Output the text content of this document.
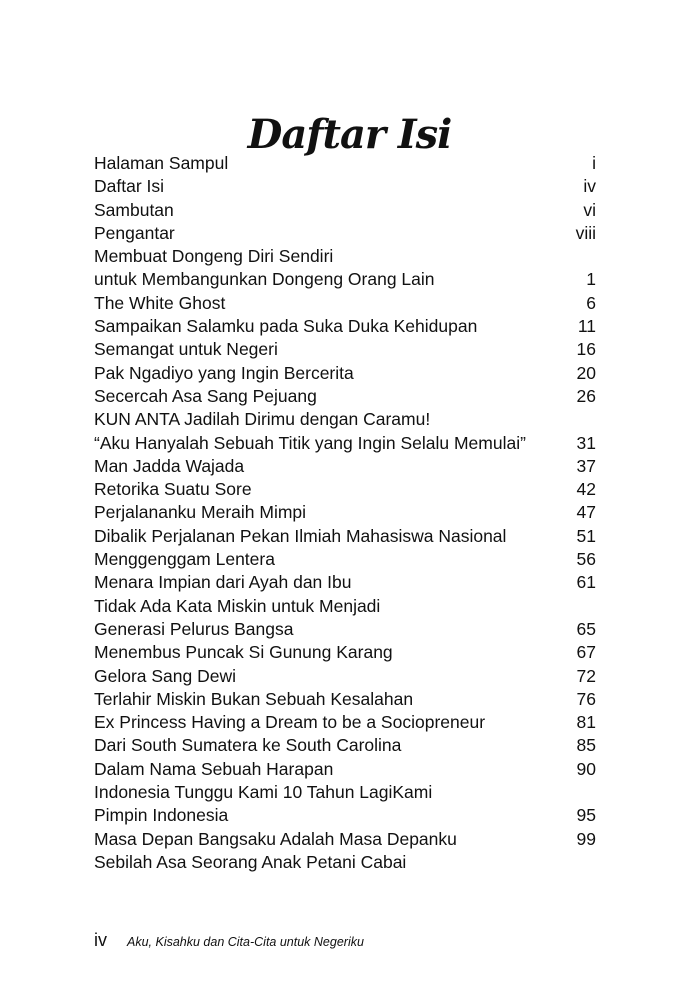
Daftar Isi
Halaman Sampul	i
Daftar Isi	iv
Sambutan	vi
Pengantar	viii
Membuat Dongeng Diri Sendiri
untuk Membangunkan Dongeng Orang Lain	1
The White Ghost	6
Sampaikan Salamku pada Suka Duka Kehidupan	11
Semangat untuk Negeri	16
Pak Ngadiyo yang Ingin Bercerita	20
Secercah Asa Sang Pejuang	26
KUN ANTA Jadilah Dirimu dengan Caramu!
“Aku Hanyalah Sebuah Titik yang Ingin Selalu Memulai”	31
Man Jadda Wajada	37
Retorika Suatu Sore	42
Perjalananku Meraih Mimpi	47
Dibalik Perjalanan Pekan Ilmiah Mahasiswa Nasional	51
Menggenggam Lentera	56
Menara Impian dari Ayah dan Ibu	61
Tidak Ada Kata Miskin untuk Menjadi
Generasi Pelurus Bangsa	65
Menembus Puncak Si Gunung Karang	67
Gelora Sang Dewi	72
Terlahir Miskin Bukan Sebuah Kesalahan	76
Ex Princess Having a Dream to be a Sociopreneur	81
Dari South Sumatera ke South Carolina	85
Dalam Nama Sebuah Harapan	90
Indonesia Tunggu Kami 10 Tahun LagiKami
Pimpin Indonesia	95
Masa Depan Bangsaku Adalah Masa Depanku	99
Sebilah Asa Seorang Anak Petani Cabai
iv Aku, Kisahku dan Cita-Cita untuk Negeriku
